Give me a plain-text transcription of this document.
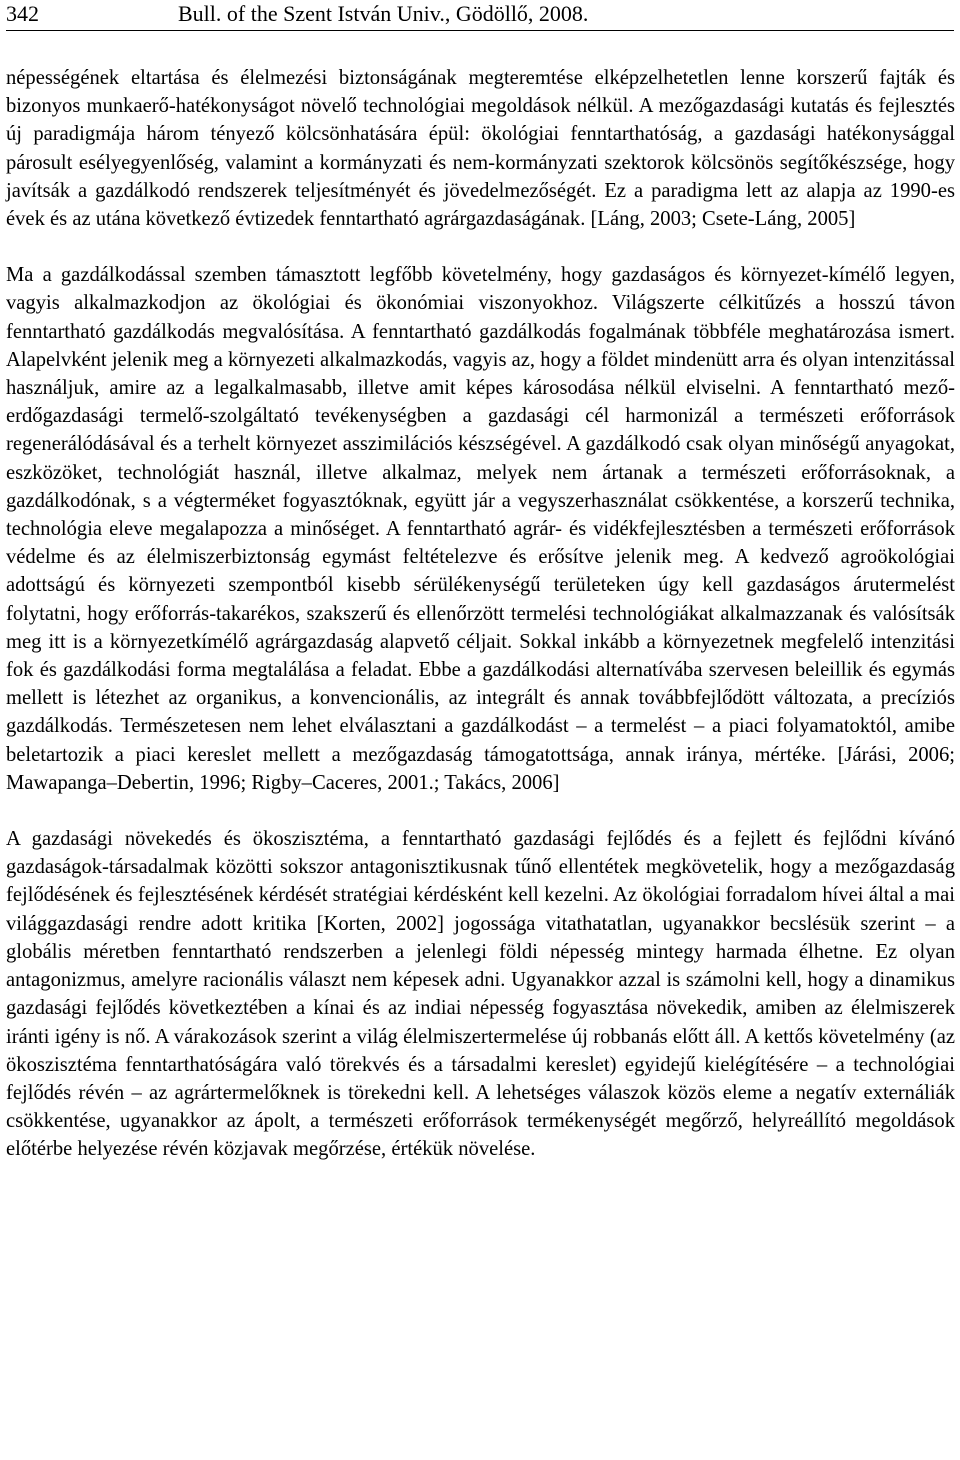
342	Bull. of the Szent István Univ., Gödöllő, 2008.

népességének eltartása és élelmezési biztonságának megteremtése elképzelhetetlen lenne korszerű fajták és bizonyos munkaerő-hatékonyságot növelő technológiai megoldások nélkül. A mezőgazdasági kutatás és fejlesztés új paradigmája három tényező kölcsönhatására épül: ökológiai fenntarthatóság, a gazdasági hatékonysággal párosult esélyegyenlőség, valamint a kormányzati és nem-kormányzati szektorok kölcsönös segítőkészsége, hogy javítsák a gazdálkodó rendszerek teljesítményét és jövedelmezőségét. Ez a paradigma lett az alapja az 1990-es évek és az utána következő évtizedek fenntartható agrárgazdaságának. [Láng, 2003; Csete-Láng, 2005]

Ma a gazdálkodással szemben támasztott legfőbb követelmény, hogy gazdaságos és környezet-kímélő legyen, vagyis alkalmazkodjon az ökológiai és ökonómiai viszonyokhoz. Világszerte célkitűzés a hosszú távon fenntartható gazdálkodás megvalósítása. A fenntartható gazdálkodás fogalmának többféle meghatározása ismert. Alapelvként jelenik meg a környezeti alkalmazkodás, vagyis az, hogy a földet mindenütt arra és olyan intenzitással használjuk, amire az a legalkalmasabb, illetve amit képes károsodása nélkül elviselni. A fenntartható mező-erdőgazdasági termelő-szolgáltató tevékenységben a gazdasági cél harmonizál a természeti erőforrások regenerálódásával és a terhelt környezet asszimilációs készségével. A gazdálkodó csak olyan minőségű anyagokat, eszközöket, technológiát használ, illetve alkalmaz, melyek nem ártanak a természeti erőforrásoknak, a gazdálkodónak, s a végterméket fogyasztóknak, együtt jár a vegyszerhasználat csökkentése, a korszerű technika, technológia eleve megalapozza a minőséget. A fenntartható agrár- és vidékfejlesztésben a természeti erőforrások védelme és az élelmiszerbiztonság egymást feltételezve és erősítve jelenik meg. A kedvező agroökológiai adottságú és környezeti szempontból kisebb sérülékenységű területeken úgy kell gazdaságos árutermelést folytatni, hogy erőforrás-takarékos, szakszerű és ellenőrzött termelési technológiákat alkalmazzanak és valósítsák meg itt is a környezetkímélő agrárgazdaság alapvető céljait. Sokkal inkább a környezetnek megfelelő intenzitási fok és gazdálkodási forma megtalálása a feladat. Ebbe a gazdálkodási alternatívába szervesen beleillik és egymás mellett is létezhet az organikus, a konvencionális, az integrált és annak továbbfejlődött változata, a precíziós gazdálkodás. Természetesen nem lehet elválasztani a gazdálkodást – a termelést – a piaci folyamatoktól, amibe beletartozik a piaci kereslet mellett a mezőgazdaság támogatottsága, annak iránya, mértéke. [Járási, 2006; Mawapanga–Debertin, 1996; Rigby–Caceres, 2001.; Takács, 2006]

A gazdasági növekedés és ökoszisztéma, a fenntartható gazdasági fejlődés és a fejlett és fejlődni kívánó gazdaságok-társadalmak közötti sokszor antagonisztikusnak tűnő ellentétek megkövetelik, hogy a mezőgazdaság fejlődésének és fejlesztésének kérdését stratégiai kérdésként kell kezelni. Az ökológiai forradalom hívei által a mai világgazdasági rendre adott kritika [Korten, 2002] jogossága vitathatatlan, ugyanakkor becslésük szerint – a globális méretben fenntartható rendszerben a jelenlegi földi népesség mintegy harmada élhetne. Ez olyan antagonizmus, amelyre racionális választ nem képesek adni. Ugyanakkor azzal is számolni kell, hogy a dinamikus gazdasági fejlődés következtében a kínai és az indiai népesség fogyasztása növekedik, amiben az élelmiszerek iránti igény is nő. A várakozások szerint a világ élelmiszertermelése új robbanás előtt áll. A kettős követelmény (az ökoszisztéma fenntarthatóságára való törekvés és a társadalmi kereslet) egyidejű kielégítésére – a technológiai fejlődés révén – az agrártermelőknek is törekedni kell. A lehetséges válaszok közös eleme a negatív externáliák csökkentése, ugyanakkor az ápolt, a természeti erőforrások termékenységét megőrző, helyreállító megoldások előtérbe helyezése révén közjavak megőrzése, értékük növelése.
